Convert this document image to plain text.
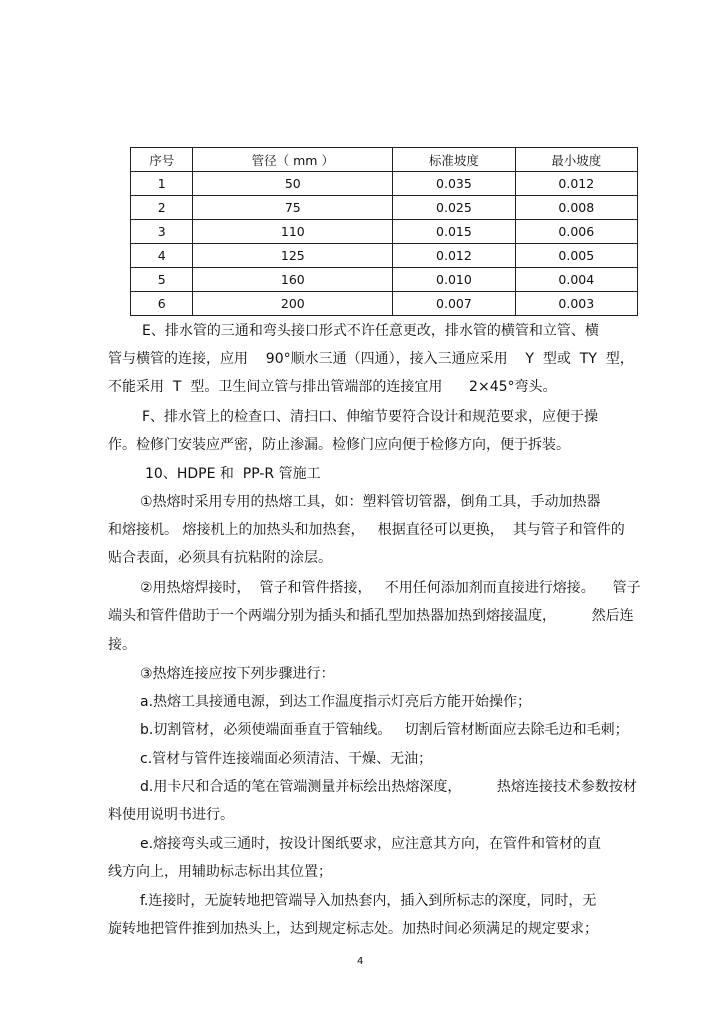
序号	管径（ mm ）	标准坡度	最小坡度
1	50	0.035	0.012
2	75	0.025	0.008
3	110	0.015	0.006
4	125	0.012	0.005
5	160	0.010	0.004
6	200	0.007	0.003
E、排水管的三通和弯头接口形式不许任意更改，排水管的横管和立管、横
管与横管的连接，应用    90°顺水三通（四通），接入三通应采用    Y  型或  TY  型，
不能采用  T  型。卫生间立管与排出管端部的连接宜用      2×45°弯头。
F、排水管上的检查口、清扫口、伸缩节要符合设计和规范要求，应便于操
作。检修门安装应严密，防止渗漏。检修门应向便于检修方向，便于拆装。
10、HDPE 和  PP-R 管施工
①热熔时采用专用的热熔工具，如：塑料管切管器，倒角工具，手动加热器
和熔接机。 熔接机上的加热头和加热套，   根据直径可以更换，  其与管子和管件的
贴合表面，必须具有抗粘附的涂层。
②用热熔焊接时，  管子和管件搭接，   不用任何添加剂而直接进行熔接。    管子
端头和管件借助于一个两端分别为插头和插孔型加热器加热到熔接温度，        然后连
接。
③热熔连接应按下列步骤进行：
a.热熔工具接通电源，到达工作温度指示灯亮后方能开始操作；
b.切割管材，必须使端面垂直于管轴线。   切割后管材断面应去除毛边和毛刺；
c.管材与管件连接端面必须清洁、干燥、无油；
d.用卡尺和合适的笔在管端测量并标绘出热熔深度，        热熔连接技术参数按材
料使用说明书进行。
e.熔接弯头或三通时，按设计图纸要求，应注意其方向，在管件和管材的直
线方向上，用辅助标志标出其位置；
f.连接时，无旋转地把管端导入加热套内，插入到所标志的深度，同时，无
旋转地把管件推到加热头上，达到规定标志处。加热时间必须满足的规定要求；
4
